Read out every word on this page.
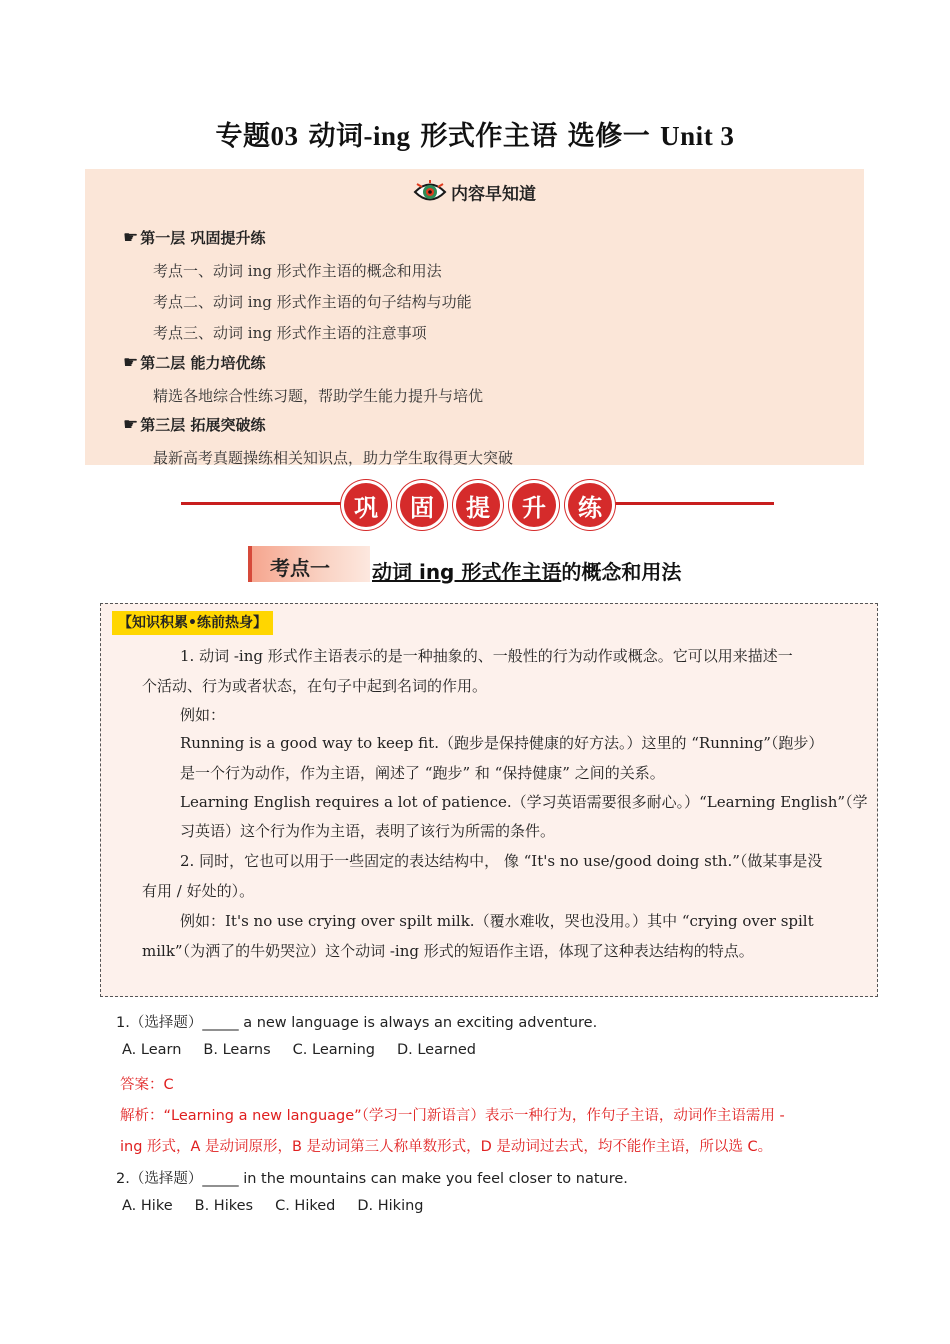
专题03 动词-ing 形式作主语 选修一 Unit 3
内容早知道
☛ 第一层 巩固提升练
考点一、动词 ing 形式作主语的概念和用法
考点二、动词 ing 形式作主语的句子结构与功能
考点三、动词 ing 形式作主语的注意事项
☛ 第二层 能力培优练
精选各地综合性练习题，帮助学生能力提升与培优
☛ 第三层 拓展突破练
最新高考真题操练相关知识点，助力学生取得更大突破
巩	固	提	升	练
考点一 动词 ing 形式作主语的概念和用法
【知识积累•练前热身】
1. 动词 -ing 形式作主语表示的是一种抽象的、一般性的行为动作或概念。它可以用来描述一
个活动、行为或者状态，在句子中起到名词的作用。
例如：
Running is a good way to keep fit.（跑步是保持健康的好方法。）这里的 “Running”（跑步）
是一个行为动作，作为主语，阐述了 “跑步” 和 “保持健康” 之间的关系。
Learning English requires a lot of patience.（学习英语需要很多耐心。）“Learning English”（学
习英语）这个行为作为主语，表明了该行为所需的条件。
2. 同时，它也可以用于一些固定的表达结构中， 像 “It's no use/good doing sth.”（做某事是没
有用 / 好处的）。
例如：It's no use crying over spilt milk.（覆水难收，哭也没用。）其中 “crying over spilt
milk”（为洒了的牛奶哭泣）这个动词 -ing 形式的短语作主语，体现了这种表达结构的特点。
1.（选择题）_____ a new language is always an exciting adventure.
A. Learn B. Learns C. Learning D. Learned
答案：C
解析：“Learning a new language”（学习一门新语言）表示一种行为，作句子主语，动词作主语需用 -
ing 形式，A 是动词原形，B 是动词第三人称单数形式，D 是动词过去式，均不能作主语，所以选 C。
2.（选择题）_____ in the mountains can make you feel closer to nature.
A. Hike B. Hikes C. Hiked D. Hiking
